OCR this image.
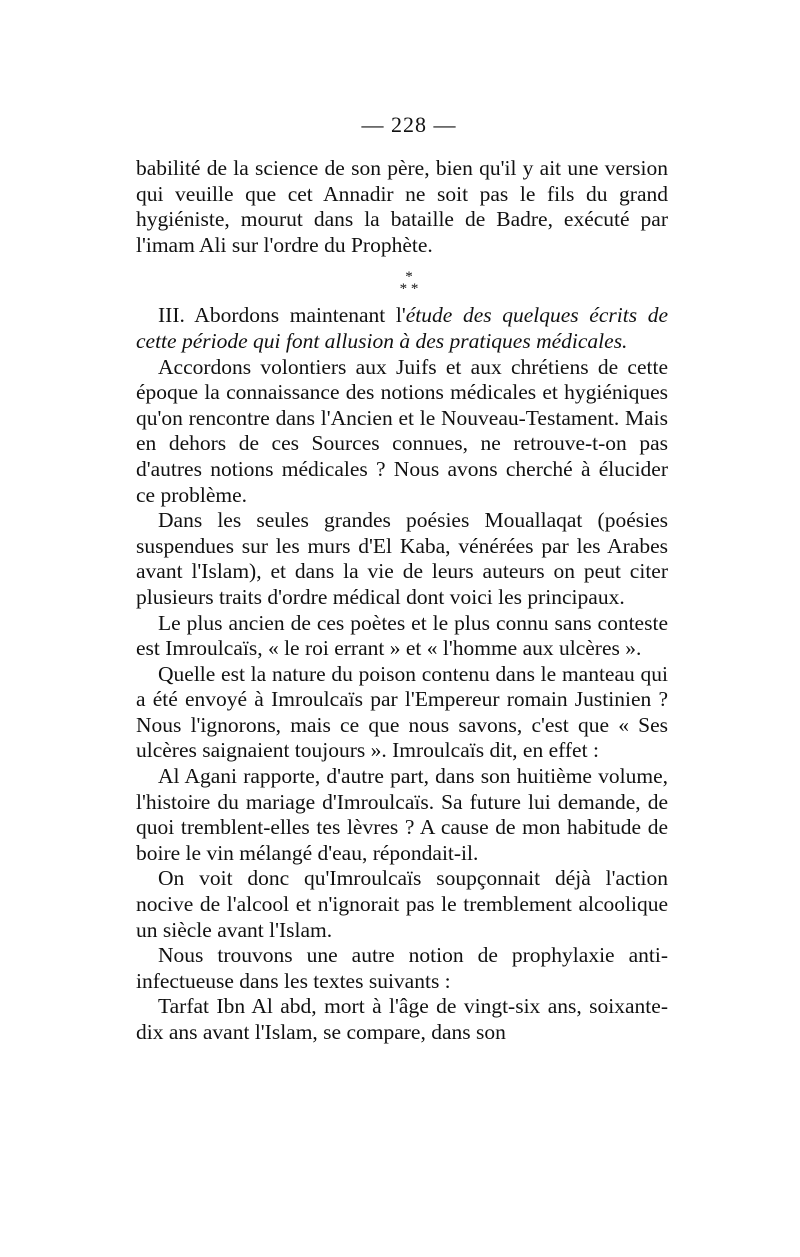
— 228 —

babilité de la science de son père, bien qu'il y ait une version qui veuille que cet Annadir ne soit pas le fils du grand hygiéniste, mourut dans la bataille de Badre, exécuté par l'imam Ali sur l'ordre du Prophète.

*
* *

III. Abordons maintenant l'étude des quelques écrits de cette période qui font allusion à des pratiques médicales.

Accordons volontiers aux Juifs et aux chrétiens de cette époque la connaissance des notions médicales et hygiéniques qu'on rencontre dans l'Ancien et le Nouveau-Testament. Mais en dehors de ces Sources connues, ne retrouve-t-on pas d'autres notions médicales ? Nous avons cherché à élucider ce problème.

Dans les seules grandes poésies Mouallaqat (poésies suspendues sur les murs d'El Kaba, vénérées par les Arabes avant l'Islam), et dans la vie de leurs auteurs on peut citer plusieurs traits d'ordre médical dont voici les principaux.

Le plus ancien de ces poètes et le plus connu sans conteste est Imroulcaïs, « le roi errant » et « l'homme aux ulcères ».

Quelle est la nature du poison contenu dans le manteau qui a été envoyé à Imroulcaïs par l'Empereur romain Justinien ? Nous l'ignorons, mais ce que nous savons, c'est que « Ses ulcères saignaient toujours ». Imroulcaïs dit, en effet :

Al Agani rapporte, d'autre part, dans son huitième volume, l'histoire du mariage d'Imroulcaïs. Sa future lui demande, de quoi tremblent-elles tes lèvres ? A cause de mon habitude de boire le vin mélangé d'eau, répondait-il.

On voit donc qu'Imroulcaïs soupçonnait déjà l'action nocive de l'alcool et n'ignorait pas le tremblement alcoolique un siècle avant l'Islam.

Nous trouvons une autre notion de prophylaxie anti-infectueuse dans les textes suivants :

Tarfat Ibn Al abd, mort à l'âge de vingt-six ans, soixante-dix ans avant l'Islam, se compare, dans son
